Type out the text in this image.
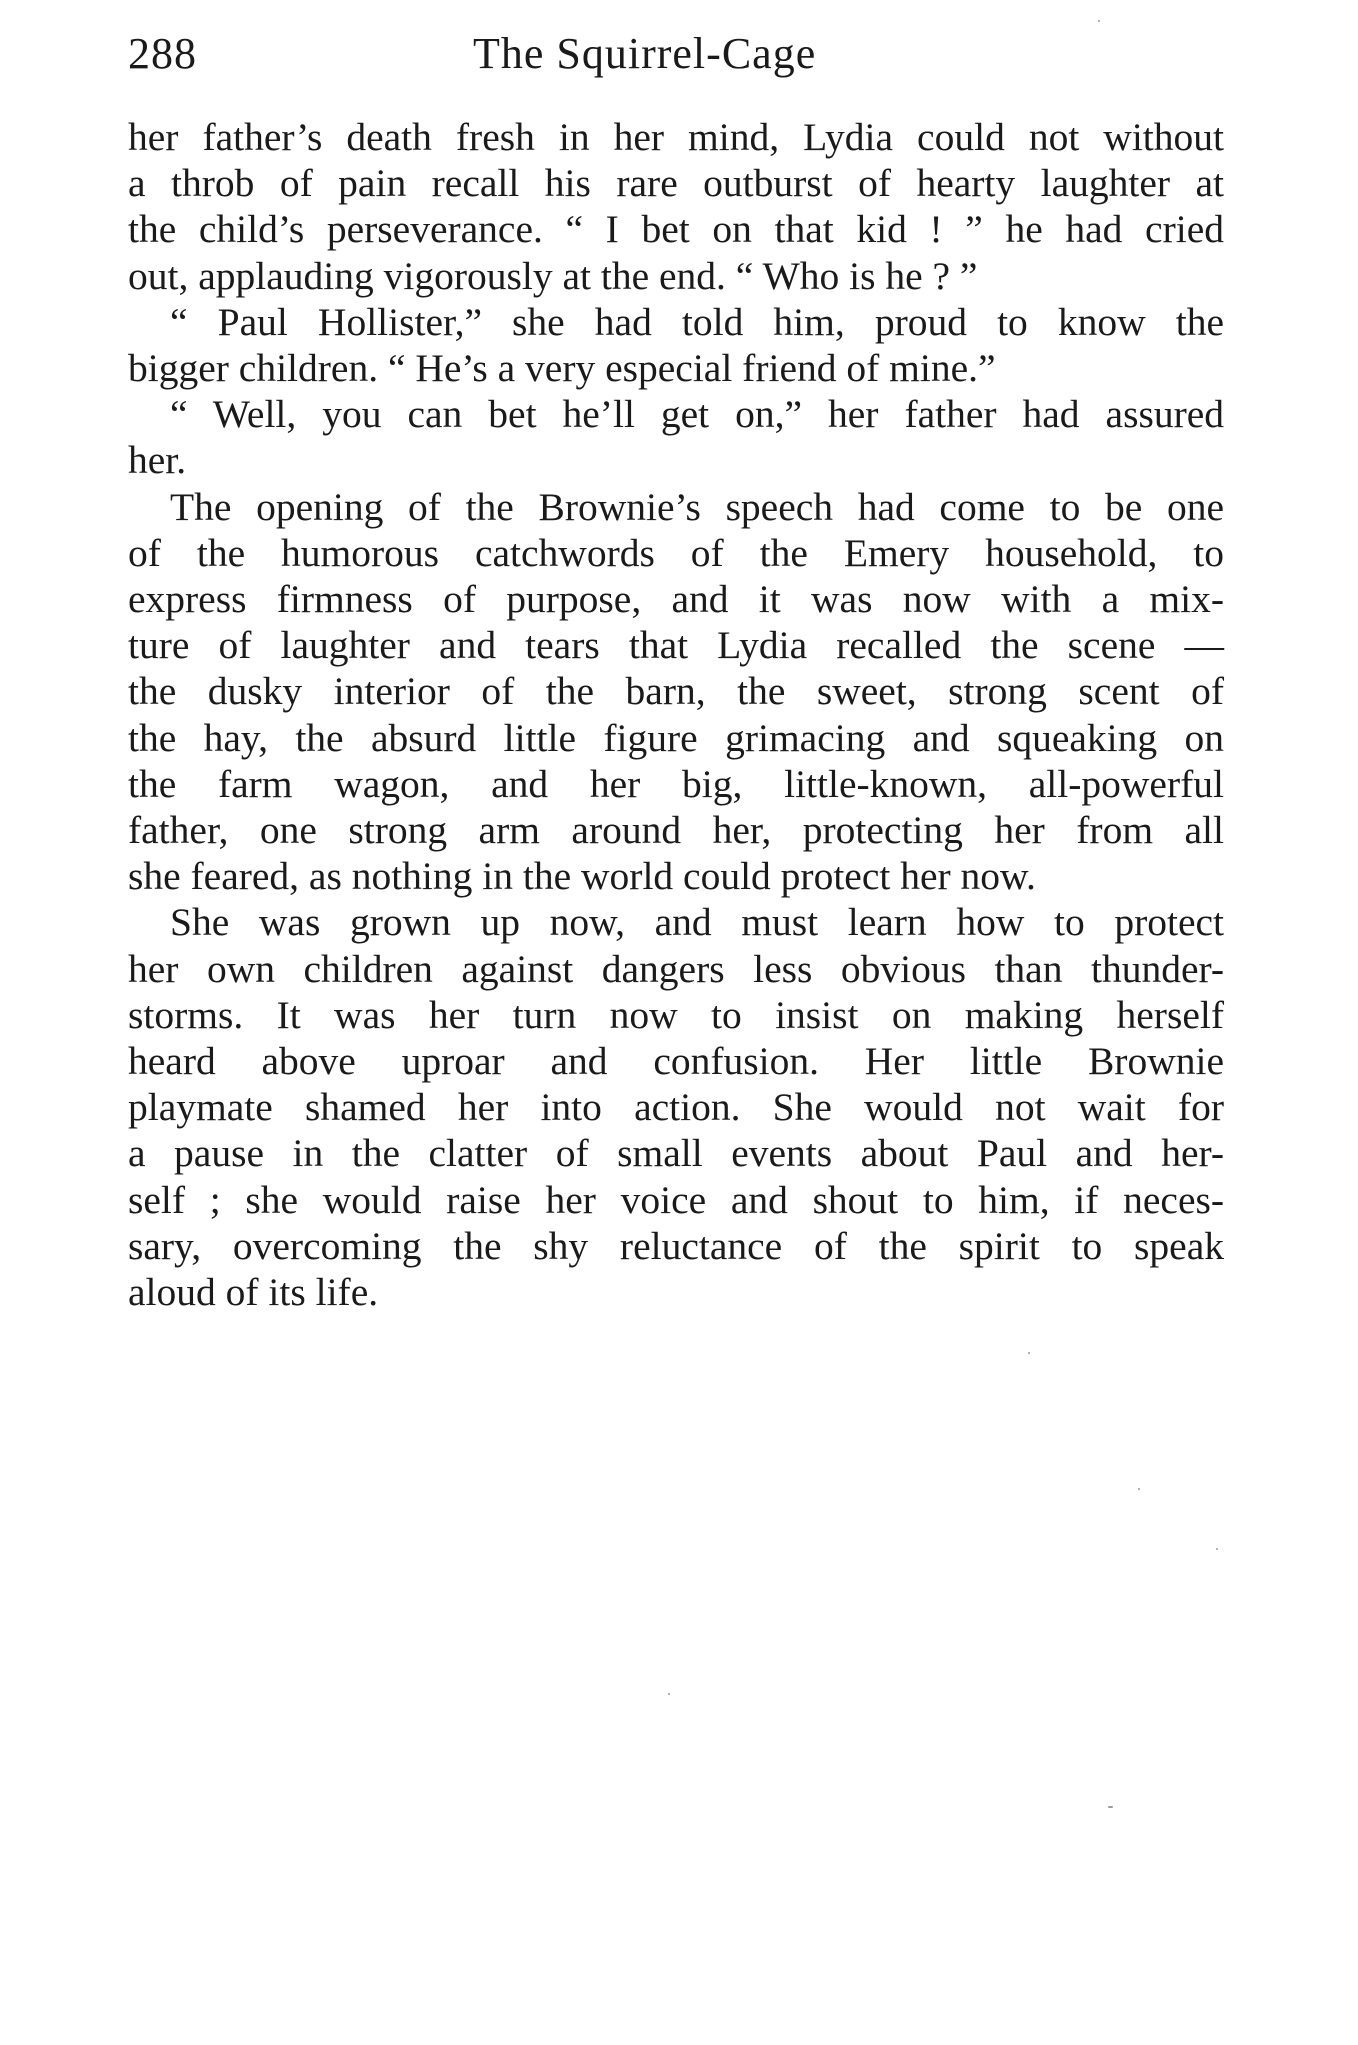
288	The Squirrel-Cage
her father’s death fresh in her mind, Lydia could not without
a throb of pain recall his rare outburst of hearty laughter at
the child’s perseverance. “ I bet on that kid ! ” he had cried
out, applauding vigorously at the end. “ Who is he ? ”
“ Paul Hollister,” she had told him, proud to know the
bigger children. “ He’s a very especial friend of mine.”
“ Well, you can bet he’ll get on,” her father had assured
her.
The opening of the Brownie’s speech had come to be one
of the humorous catchwords of the Emery household, to
express firmness of purpose, and it was now with a mix-
ture of laughter and tears that Lydia recalled the scene —
the dusky interior of the barn, the sweet, strong scent of
the hay, the absurd little figure grimacing and squeaking on
the farm wagon, and her big, little-known, all-powerful
father, one strong arm around her, protecting her from all
she feared, as nothing in the world could protect her now.
She was grown up now, and must learn how to protect
her own children against dangers less obvious than thunder-
storms. It was her turn now to insist on making herself
heard above uproar and confusion. Her little Brownie
playmate shamed her into action. She would not wait for
a pause in the clatter of small events about Paul and her-
self ; she would raise her voice and shout to him, if neces-
sary, overcoming the shy reluctance of the spirit to speak
aloud of its life.
